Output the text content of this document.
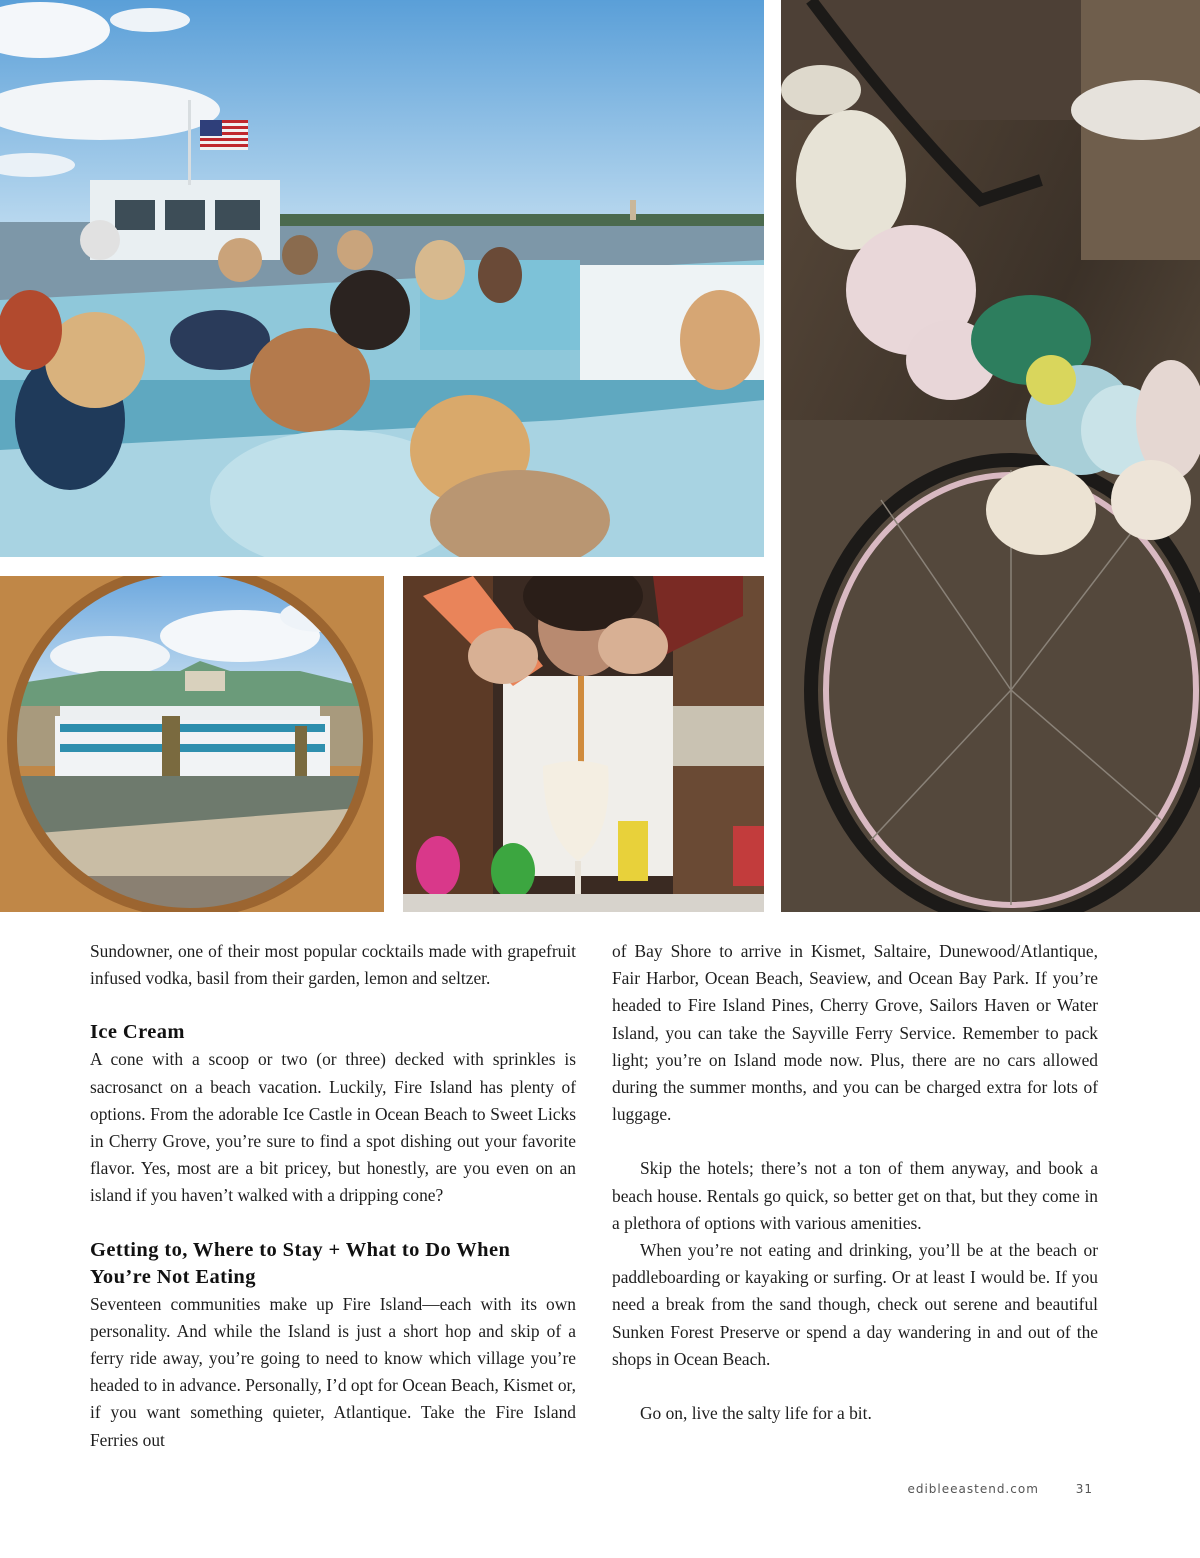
Sundowner, one of their most popular cocktails made with grapefruit infused vodka, basil from their garden, lemon and seltzer.

Ice Cream

A cone with a scoop or two (or three) decked with sprinkles is sacrosanct on a beach vacation. Luckily, Fire Island has plenty of options. From the adorable Ice Castle in Ocean Beach to Sweet Licks in Cherry Grove, you’re sure to find a spot dishing out your favorite flavor. Yes, most are a bit pricey, but honestly, are you even on an island if you haven’t walked with a dripping cone?

Getting to, Where to Stay + What to Do When You’re Not Eating

Seventeen communities make up Fire Island—each with its own personality. And while the Island is just a short hop and skip of a ferry ride away, you’re going to need to know which village you’re headed to in advance. Personally, I’d opt for Ocean Beach, Kismet or, if you want something quieter, Atlantique. Take the Fire Island Ferries out

of Bay Shore to arrive in Kismet, Saltaire, Dunewood/Atlantique, Fair Harbor, Ocean Beach, Seaview, and Ocean Bay Park. If you’re headed to Fire Island Pines, Cherry Grove, Sailors Haven or Water Island, you can take the Sayville Ferry Service. Remember to pack light; you’re on Island mode now. Plus, there are no cars allowed during the summer months, and you can be charged extra for lots of luggage.

Skip the hotels; there’s not a ton of them anyway, and book a beach house. Rentals go quick, so better get on that, but they come in a plethora of options with various amenities.

When you’re not eating and drinking, you’ll be at the beach or paddleboarding or kayaking or surfing. Or at least I would be. If you need a break from the sand though, check out serene and beautiful Sunken Forest Preserve or spend a day wandering in and out of the shops in Ocean Beach.

Go on, live the salty life for a bit.

edibleeastend.com	31
